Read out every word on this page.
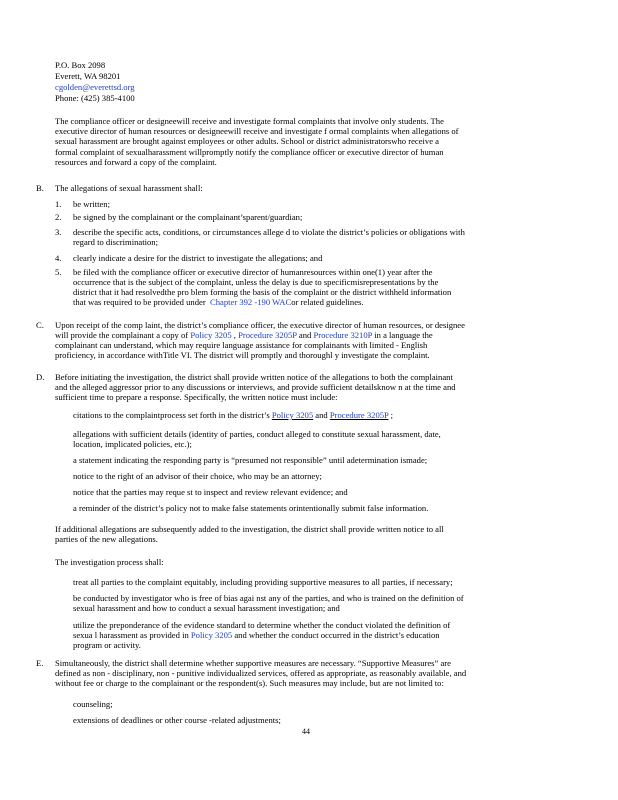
P.O. Box 2098
Everett, WA 98201
cgolden@everettsd.org
Phone: (425) 385-4100
The compliance officer or designeewill receive and investigate formal complaints that involve only students. The
executive director of human resources or designeewill receive and investigate f ormal complaints when allegations of
sexual harassment are brought against employees or other adults. School or district administratorswho receive a
formal complaint of sexualharassment willpromptly notify the compliance officer or executive director of human
resources and forward a copy of the complaint.
B. The allegations of sexual harassment shall:
1. be written;
2. be signed by the complainant or the complainant’sparent/guardian;
3. describe the specific acts, conditions, or circumstances allege d to violate the district’s policies or obligations with
regard to discrimination;
4. clearly indicate a desire for the district to investigate the allegations; and
5. be filed with the compliance officer or executive director of humanresources within one(1) year after the
occurrence that is the subject of the complaint, unless the delay is due to specificmisrepresentations by the
district that it had resolvedthe pro blem forming the basis of the complaint or the district withheld information
that was required to be provided under Chapter 392 -190 WACor related guidelines.
C. Upon receipt of the comp laint, the district’s compliance officer, the executive director of human resources, or designee
will provide the complainant a copy of Policy 3205 , Procedure 3205P and Procedure 3210P in a language the
complainant can understand, which may require language assistance for complainants with limited - English
proficiency, in accordance withTitle VI. The district will promptly and thoroughl y investigate the complaint.
D. Before initiating the investigation, the district shall provide written notice of the allegations to both the complainant
and the alleged aggressor prior to any discussions or interviews, and provide sufficient detailsknow n at the time and
sufficient time to prepare a response. Specifically, the written notice must include:
citations to the complaintprocess set forth in the district’s Policy 3205 and Procedure 3205P ;
allegations with sufficient details (identity of parties, conduct alleged to constitute sexual harassment, date,
location, implicated policies, etc.);
a statement indicating the responding party is “presumed not responsible” until adetermination ismade;
notice to the right of an advisor of their choice, who may be an attorney;
notice that the parties may reque st to inspect and review relevant evidence; and
a reminder of the district’s policy not to make false statements orintentionally submit false information.
If additional allegations are subsequently added to the investigation, the district shall provide written notice to all
parties of the new allegations.
The investigation process shall:
treat all parties to the complaint equitably, including providing supportive measures to all parties, if necessary;
be conducted by investigator who is free of bias agai nst any of the parties, and who is trained on the definition of
sexual harassment and how to conduct a sexual harassment investigation; and
utilize the preponderance of the evidence standard to determine whether the conduct violated the definition of
sexua l harassment as provided in Policy 3205 and whether the conduct occurred in the district’s education
program or activity.
E. Simultaneously, the district shall determine whether supportive measures are necessary. “Supportive Measures” are
defined as non - disciplinary, non - punitive individualized services, offered as appropriate, as reasonably available, and
without fee or charge to the complainant or the respondent(s). Such measures may include, but are not limited to:
counseling;
extensions of deadlines or other course -related adjustments;
44
